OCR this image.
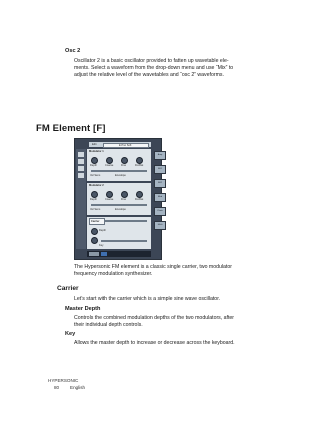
Osc 2
Oscillator 2 is a basic oscillator provided to fatten up wavetable ele-
ments. Select a waveform from the drop-down menu and use “Mix” to
adjust the relative level of the wavetables and “osc 2” waveforms.
FM Element [F]
Edit	E.Pno Soft
Modulator 1
Depth	Coarse	Fine	Fix/Rat
Vel Sens	Envelope
Modulator 2
Depth	Coarse	Fine	Fix/Rat
Vel Sens	Envelope
Carrier
Depth
Key
Amp
Eff1
Eff2
Mod
Chain
Multi
The Hypersonic FM element is a classic single carrier, two modulator
frequency modulation synthesizer.
Carrier
Let’s start with the carrier which is a simple sine wave oscillator.
Master Depth
Controls the combined modulation depths of the two modulators, after
their individual depth controls.
Key
Allows the master depth to increase or decrease across the keyboard.
HYPERSONIC
80 English
